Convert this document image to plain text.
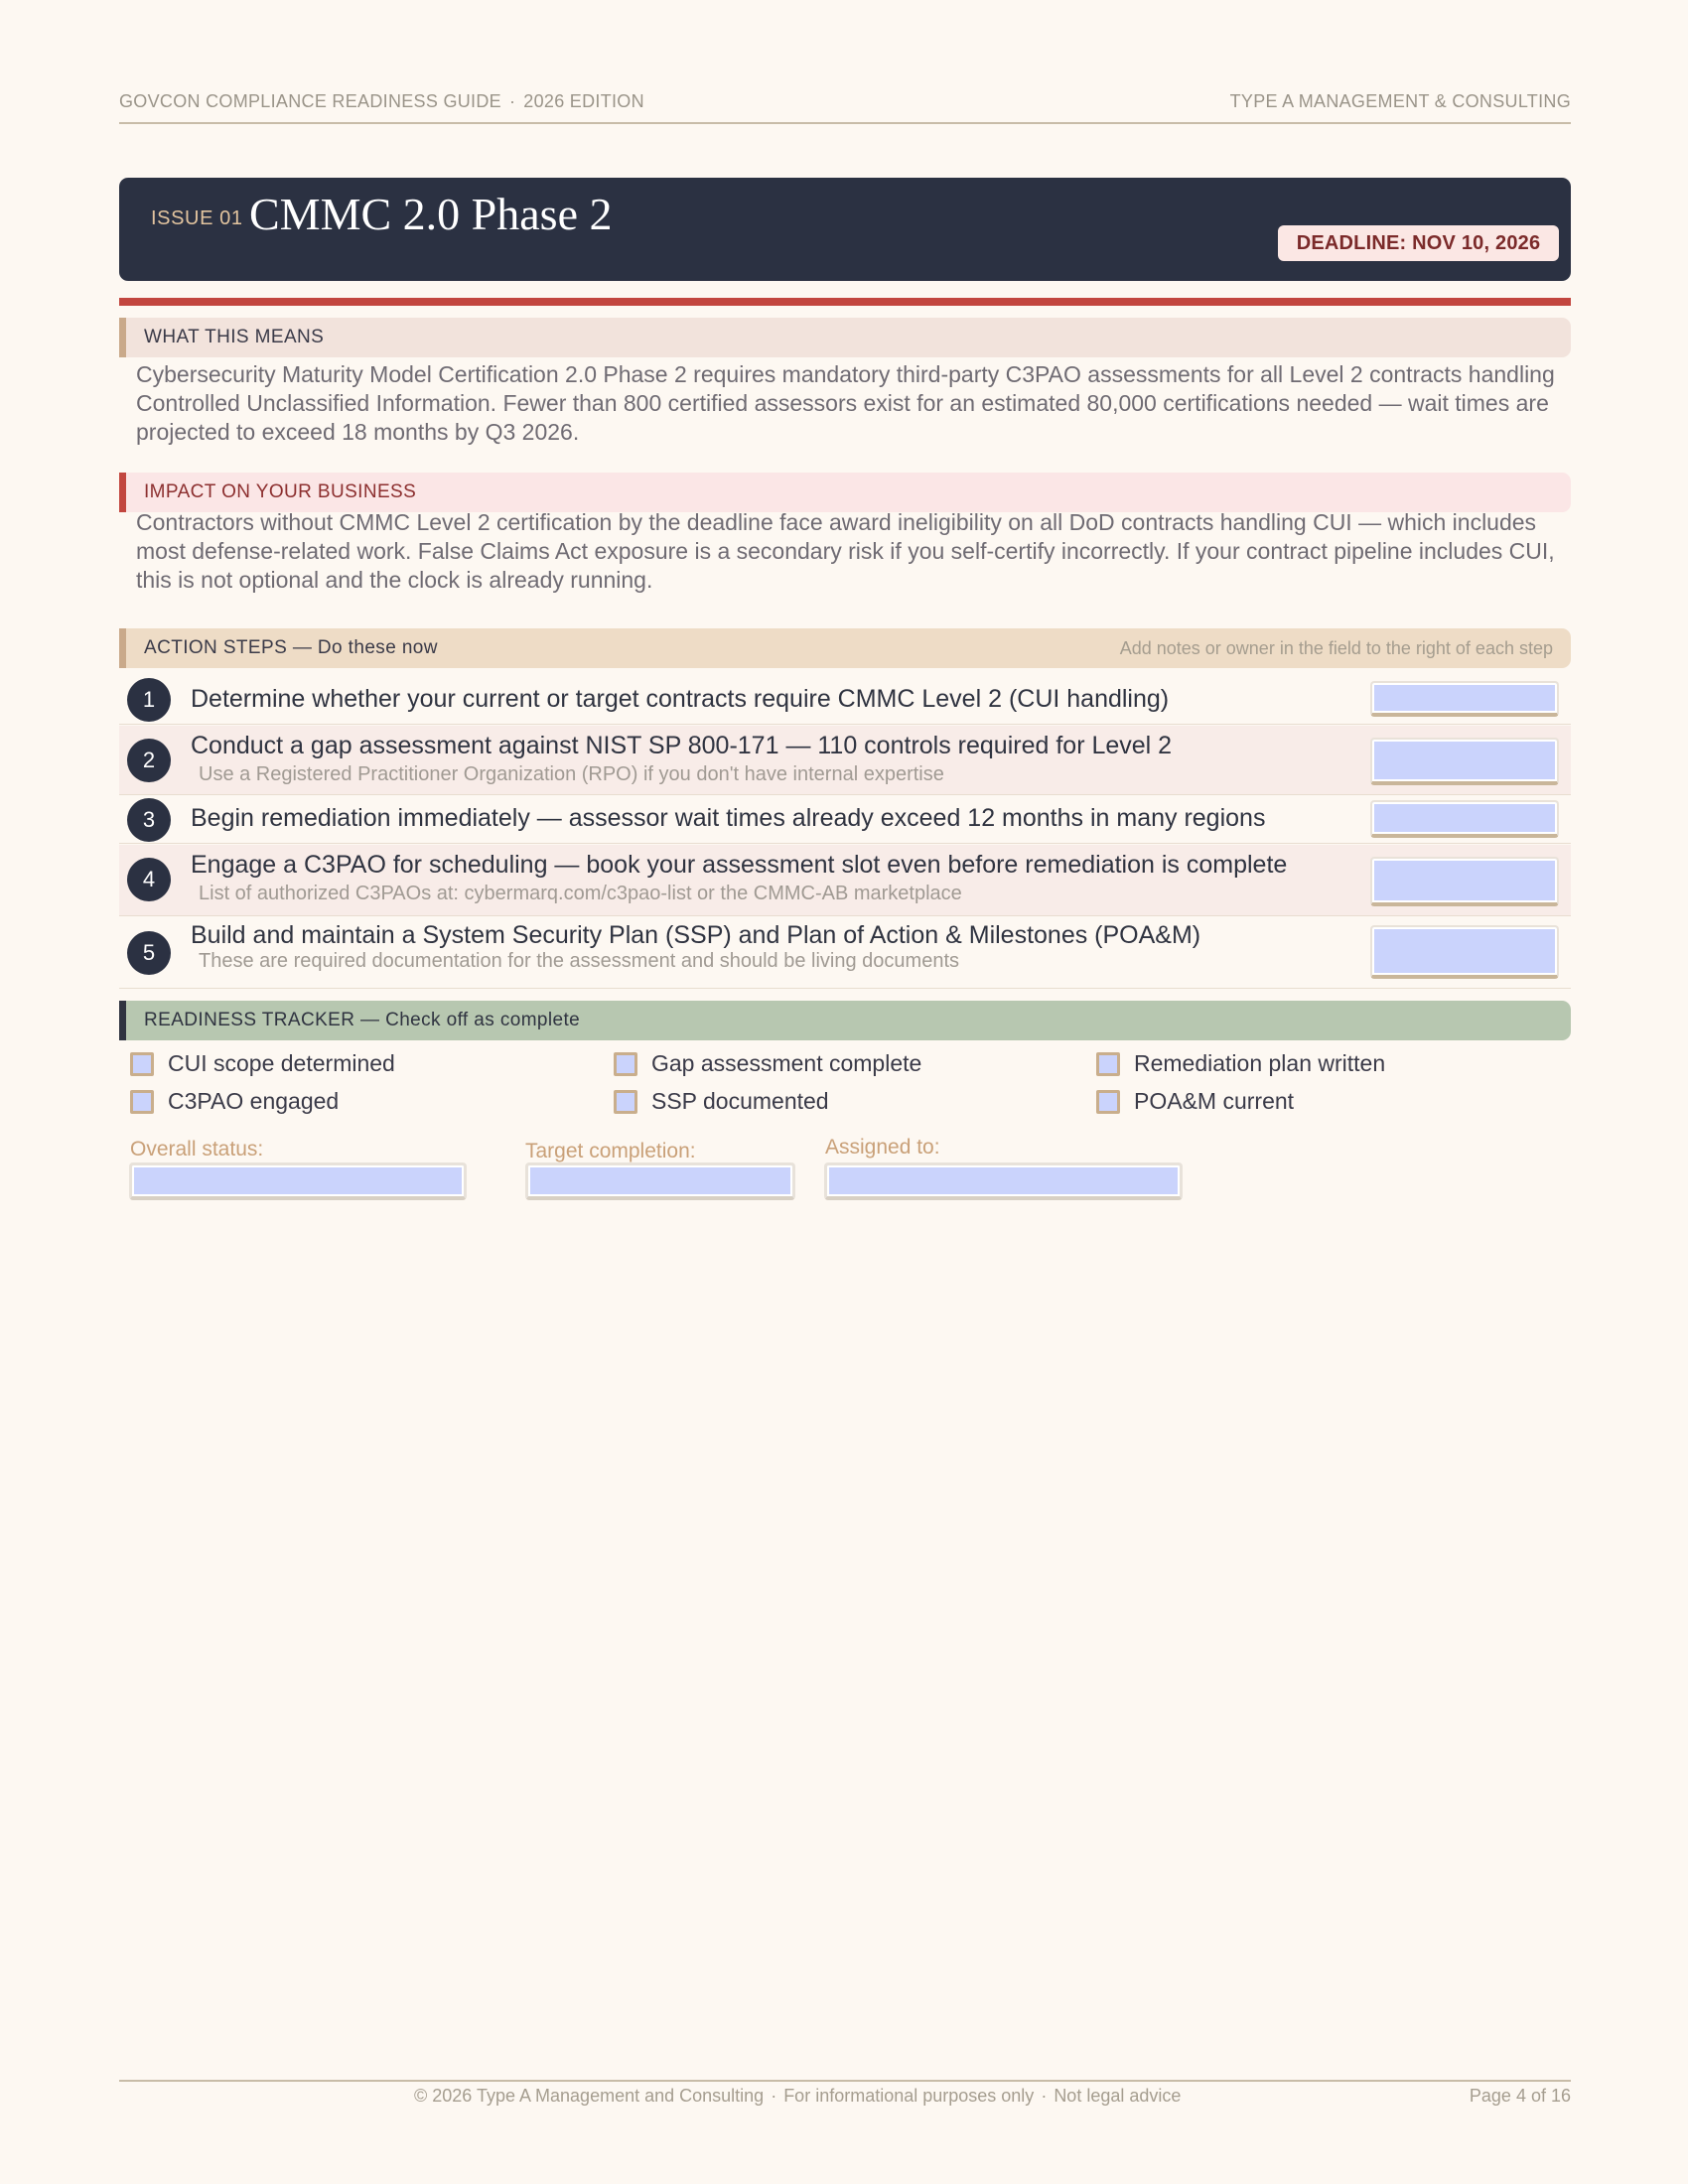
GOVCON COMPLIANCE READINESS GUIDE · 2026 EDITION	TYPE A MANAGEMENT & CONSULTING
ISSUE 01 CMMC 2.0 Phase 2
DEADLINE: NOV 10, 2026
WHAT THIS MEANS

Cybersecurity Maturity Model Certification 2.0 Phase 2 requires mandatory third-party C3PAO assessments for all Level 2 contracts handling Controlled Unclassified Information. Fewer than 800 certified assessors exist for an estimated 80,000 certifications needed — wait times are projected to exceed 18 months by Q3 2026.

IMPACT ON YOUR BUSINESS

Contractors without CMMC Level 2 certification by the deadline face award ineligibility on all DoD contracts handling CUI — which includes most defense-related work. False Claims Act exposure is a secondary risk if you self-certify incorrectly. If your contract pipeline includes CUI, this is not optional and the clock is already running.

ACTION STEPS — Do these now	Add notes or owner in the field to the right of each step
1	Determine whether your current or target contracts require CMMC Level 2 (CUI handling)
2
Conduct a gap assessment against NIST SP 800-171 — 110 controls required for Level 2
Use a Registered Practitioner Organization (RPO) if you don't have internal expertise
3	Begin remediation immediately — assessor wait times already exceed 12 months in many regions
4
Engage a C3PAO for scheduling — book your assessment slot even before remediation is complete
List of authorized C3PAOs at: cybermarq.com/c3pao-list or the CMMC-AB marketplace
5
Build and maintain a System Security Plan (SSP) and Plan of Action & Milestones (POA&M)
These are required documentation for the assessment and should be living documents
READINESS TRACKER — Check off as complete
CUI scope determined	Gap assessment complete	Remediation plan written
C3PAO engaged	SSP documented	POA&M current
Overall status:	Target completion:	Assigned to:
© 2026 Type A Management and Consulting · For informational purposes only · Not legal advice	Page 4 of 16
